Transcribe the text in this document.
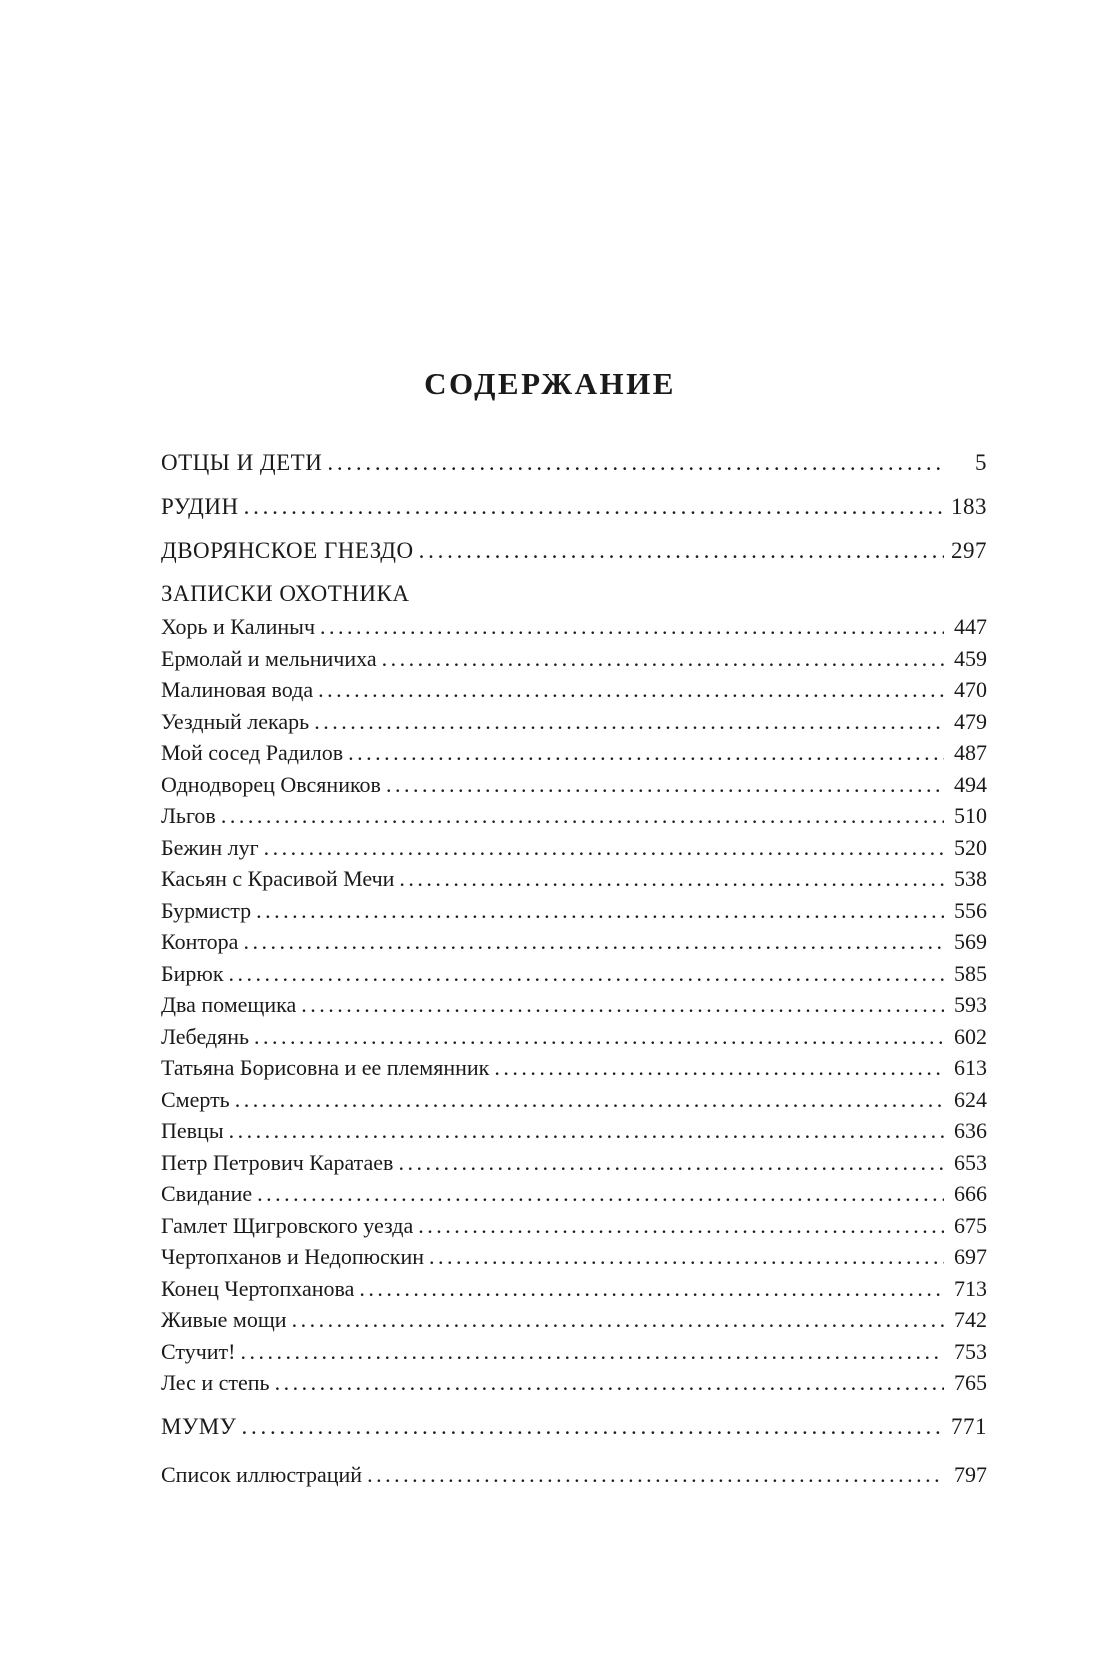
СОДЕРЖАНИЕ
ОТЦЫ И ДЕТИ . . .	5
РУДИН . . .	183
ДВОРЯНСКОЕ ГНЕЗДО . . .	297
ЗАПИСКИ ОХОТНИКА
Хорь и Калиныч . . .	447
Ермолай и мельничиха . . .	459
Малиновая вода . . .	470
Уездный лекарь . . .	479
Мой сосед Радилов . . .	487
Однодворец Овсяников . . .	494
Льгов . . .	510
Бежин луг . . .	520
Касьян с Красивой Мечи . . .	538
Бурмистр . . .	556
Контора . . .	569
Бирюк . . .	585
Два помещика . . .	593
Лебедянь . . .	602
Татьяна Борисовна и ее племянник . . .	613
Смерть . . .	624
Певцы . . .	636
Петр Петрович Каратаев . . .	653
Свидание . . .	666
Гамлет Щигровского уезда . . .	675
Чертопханов и Недопюскин . . .	697
Конец Чертопханова . . .	713
Живые мощи . . .	742
Стучит! . . .	753
Лес и степь . . .	765
МУМУ . . .	771
Список иллюстраций . . .	797
